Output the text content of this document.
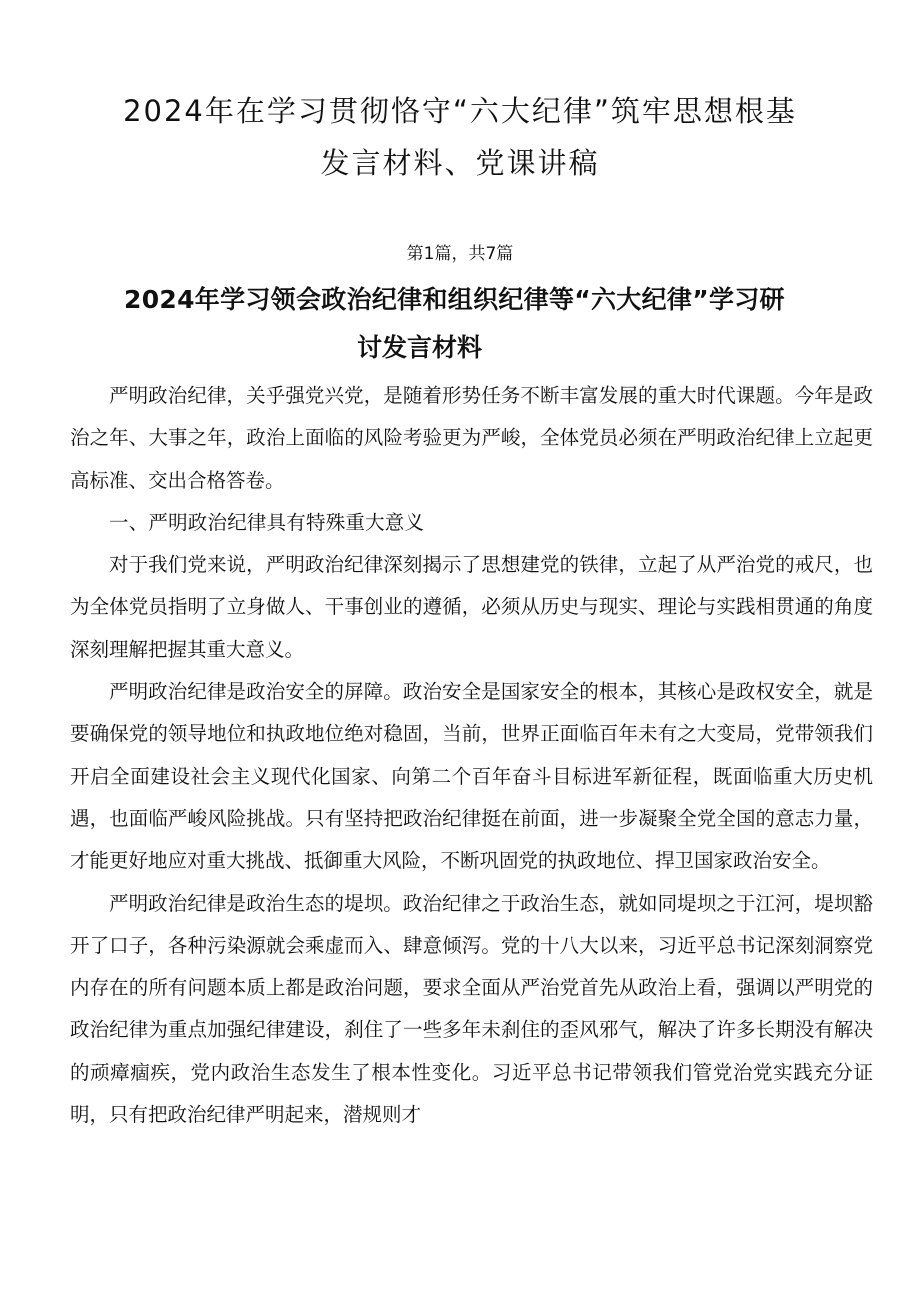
2024年在学习贯彻恪守“六大纪律”筑牢思想根基
发言材料、党课讲稿
第1篇，共7篇
2024年学习领会政治纪律和组织纪律等“六大纪律”学习研
讨发言材料

严明政治纪律，关乎强党兴党，是随着形势任务不断丰富发展的重大时代课题。今年是政治之年、大事之年，政治上面临的风险考验更为严峻，全体党员必须在严明政治纪律上立起更高标准、交出合格答卷。

一、严明政治纪律具有特殊重大意义

对于我们党来说，严明政治纪律深刻揭示了思想建党的铁律，立起了从严治党的戒尺，也为全体党员指明了立身做人、干事创业的遵循，必须从历史与现实、理论与实践相贯通的角度深刻理解把握其重大意义。

严明政治纪律是政治安全的屏障。政治安全是国家安全的根本，其核心是政权安全，就是要确保党的领导地位和执政地位绝对稳固，当前，世界正面临百年未有之大变局，党带领我们开启全面建设社会主义现代化国家、向第二个百年奋斗目标进军新征程，既面临重大历史机遇，也面临严峻风险挑战。只有坚持把政治纪律挺在前面，进一步凝聚全党全国的意志力量，才能更好地应对重大挑战、抵御重大风险，不断巩固党的执政地位、捍卫国家政治安全。

严明政治纪律是政治生态的堤坝。政治纪律之于政治生态，就如同堤坝之于江河，堤坝豁开了口子，各种污染源就会乘虚而入、肆意倾泻。党的十八大以来，习近平总书记深刻洞察党内存在的所有问题本质上都是政治问题，要求全面从严治党首先从政治上看，强调以严明党的政治纪律为重点加强纪律建设，刹住了一些多年未刹住的歪风邪气，解决了许多长期没有解决的顽瘴痼疾，党内政治生态发生了根本性变化。习近平总书记带领我们管党治党实践充分证明，只有把政治纪律严明起来，潜规则才
